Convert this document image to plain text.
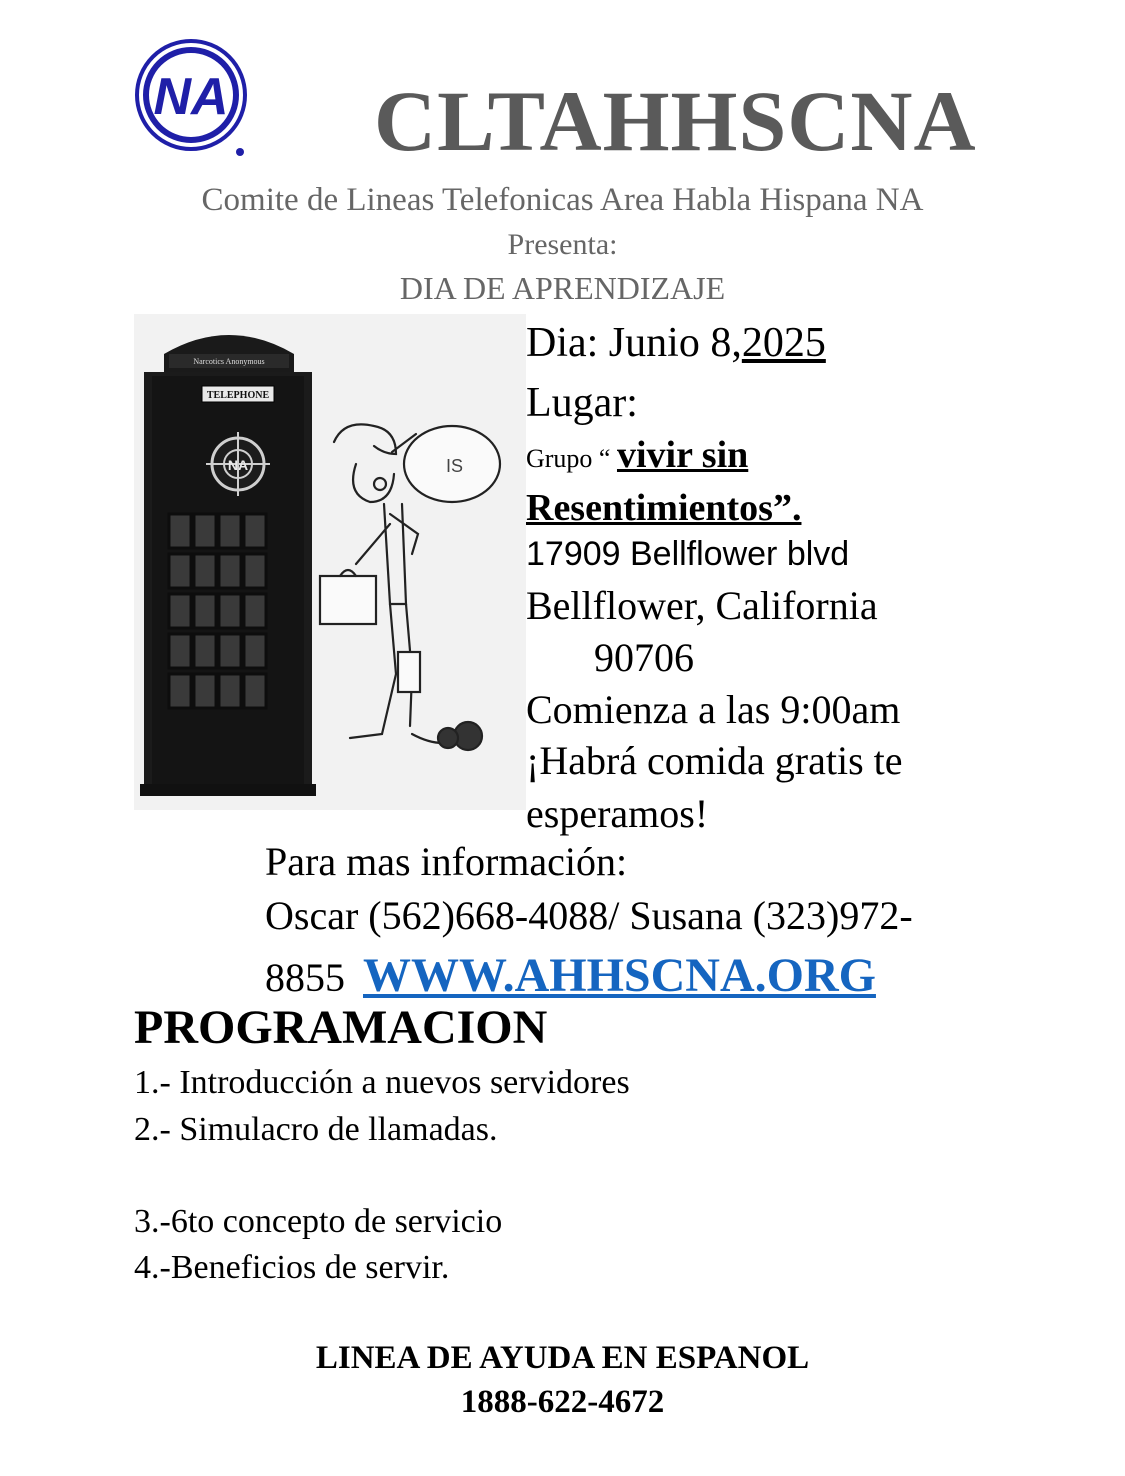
NA CLTAHHSCNA
Comite de Lineas Telefonicas Area Habla Hispana NA
Presenta:
DIA DE APRENDIZAJE
Narcotics Anonymous
TELEPHONE
NA	IS
Dia: Junio 8,2025
Lugar:
Grupo “ vivir sin
Resentimientos”.
17909 Bellflower blvd
Bellflower, California
90706
Comienza a las 9:00am
¡Habrá comida gratis te
esperamos!
Para mas información:
Oscar (562)668-4088/ Susana (323)972-
8855 WWW.AHHSCNA.ORG
PROGRAMACION
1.- Introducción a nuevos servidores
2.- Simulacro de llamadas.
3.-6to concepto de servicio
4.-Beneficios de servir.
LINEA DE AYUDA EN ESPANOL
1888-622-4672
